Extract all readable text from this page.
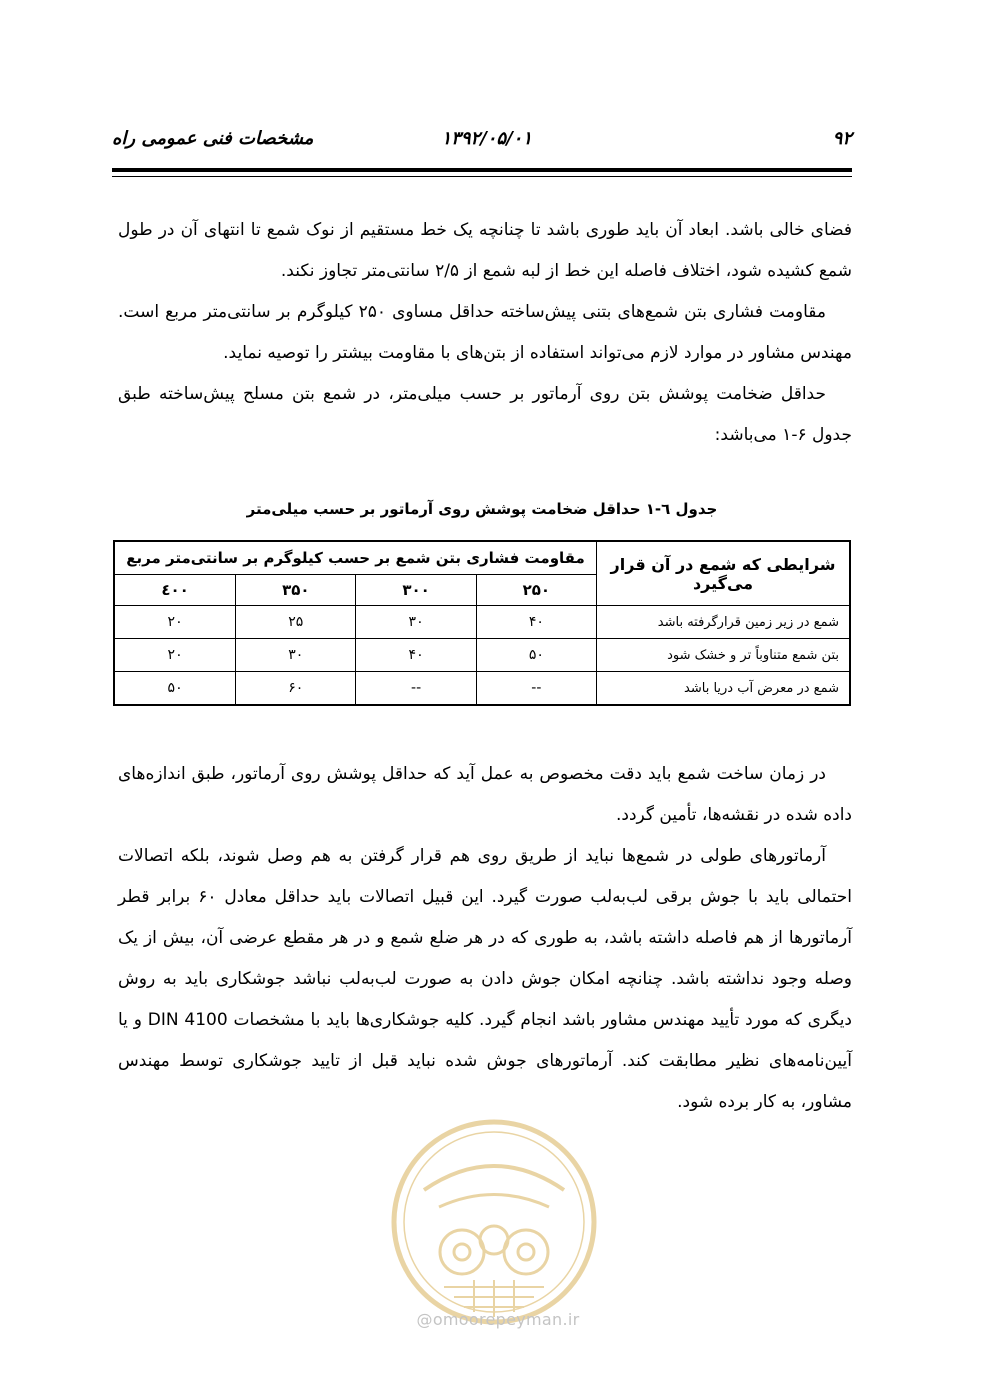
۹۲
۱۳۹۲/۰۵/۰۱
مشخصات فنی عمومی راه

فضای خالی باشد. ابعاد آن باید طوری باشد تا چنانچه یک خط مستقیم از نوک شمع تا انتهای آن در طول شمع کشیده شود، اختلاف فاصله این خط از لبه شمع از ۲/۵ سانتی‌متر تجاوز نکند.

مقاومت فشاری بتن شمع‌های بتنی پیش‌ساخته حداقل مساوی ۲۵۰ کیلوگرم بر سانتی‌متر مربع است. مهندس مشاور در موارد لازم می‌تواند استفاده از بتن‌های با مقاومت بیشتر را توصیه نماید.

حداقل ضخامت پوشش بتن روی آرماتور بر حسب میلی‌متر، در شمع بتن مسلح پیش‌ساخته طبق جدول ۶-۱ می‌باشد:

جدول ٦-١ حداقل ضخامت پوشش روی آرماتور بر حسب میلی‌متر
شرایطی که شمع در آن قرار می‌گیرد	مقاومت فشاری بتن شمع بر حسب کیلوگرم بر سانتی‌متر مربع			
	۲۵۰	۳۰۰	۳۵۰	٤۰۰
شمع در زیر زمین قرارگرفته باشد	۴۰	۳۰	۲۵	۲۰
بتن شمع متناوباً تر و خشک شود	۵۰	۴۰	۳۰	۲۰
شمع در معرض آب دریا باشد	--	--	۶۰	۵۰

در زمان ساخت شمع باید دقت مخصوص به عمل آید که حداقل پوشش روی آرماتور، طبق اندازه‌های داده شده در نقشه‌ها، تأمین گردد.

آرماتورهای طولی در شمع‌ها نباید از طریق روی هم قرار گرفتن به هم وصل شوند، بلکه اتصالات احتمالی باید با جوش برقی لب‌به‌لب صورت گیرد. این قبیل اتصالات باید حداقل معادل ۶۰ برابر قطر آرماتورها از هم فاصله داشته باشد، به طوری که در هر ضلع شمع و در هر مقطع عرضی آن، بیش از یک وصله وجود نداشته باشد. چنانچه امکان جوش دادن به صورت لب‌به‌لب نباشد جوشکاری باید به روش دیگری که مورد تأیید مهندس مشاور باشد انجام گیرد. کلیه جوشکاری‌ها باید با مشخصات DIN 4100 و یا آیین‌نامه‌های نظیر مطابقت کند. آرماتورهای جوش شده نباید قبل از تایید جوشکاری توسط مهندس مشاور، به کار برده شود.

@omoorepeyman.ir
